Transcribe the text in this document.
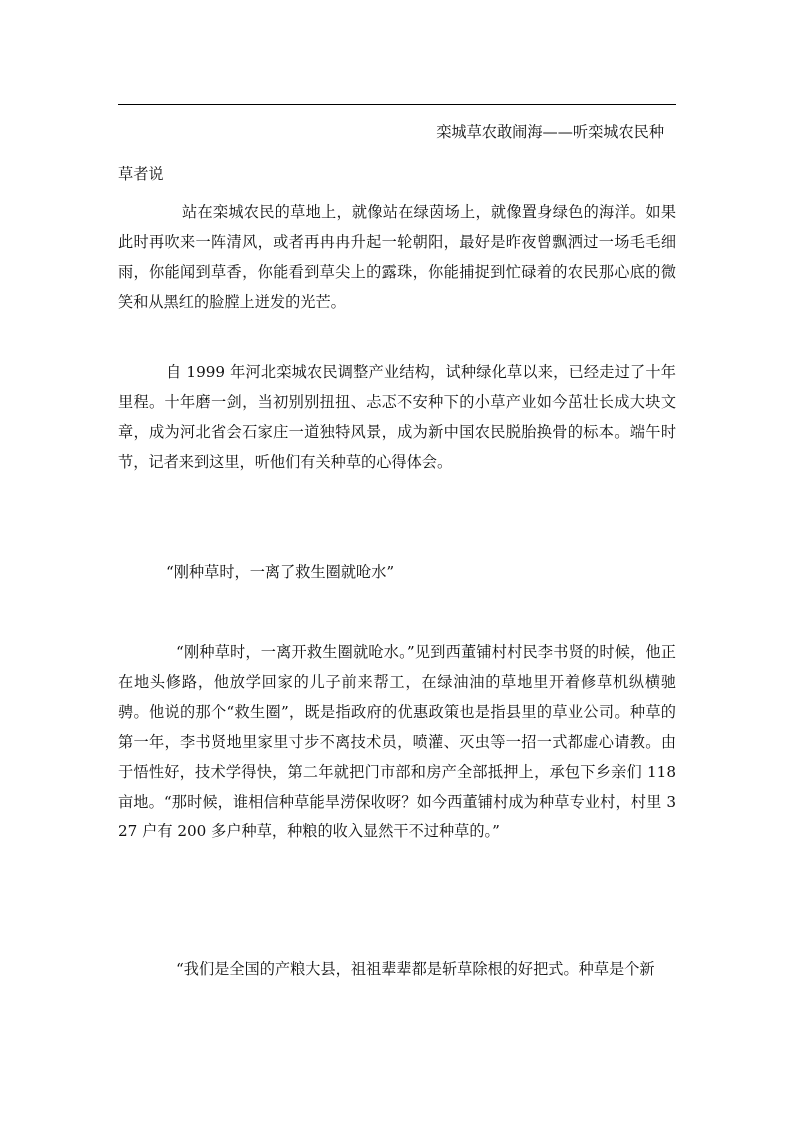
栾城草农敢闹海——听栾城农民种
草者说

站在栾城农民的草地上，就像站在绿茵场上，就像置身绿色的海洋。如果此时再吹来一阵清风，或者再冉冉升起一轮朝阳，最好是昨夜曾飘洒过一场毛毛细雨，你能闻到草香，你能看到草尖上的露珠，你能捕捉到忙碌着的农民那心底的微笑和从黑红的脸膛上迸发的光芒。

自 1999 年河北栾城农民调整产业结构，试种绿化草以来，已经走过了十年里程。十年磨一剑，当初别别扭扭、忐忑不安种下的小草产业如今茁壮长成大块文章，成为河北省会石家庄一道独特风景，成为新中国农民脱胎换骨的标本。端午时节，记者来到这里，听他们有关种草的心得体会。

“刚种草时，一离了救生圈就呛水”

“刚种草时，一离开救生圈就呛水。”见到西董铺村村民李书贤的时候，他正在地头修路，他放学回家的儿子前来帮工，在绿油油的草地里开着修草机纵横驰骋。他说的那个“救生圈”，既是指政府的优惠政策也是指县里的草业公司。种草的第一年，李书贤地里家里寸步不离技术员，喷灌、灭虫等一招一式都虚心请教。由于悟性好，技术学得快，第二年就把门市部和房产全部抵押上，承包下乡亲们 118 亩地。“那时候，谁相信种草能旱涝保收呀？如今西董铺村成为种草专业村，村里 327 户有 200 多户种草，种粮的收入显然干不过种草的。”

“我们是全国的产粮大县，祖祖辈辈都是斩草除根的好把式。种草是个新
